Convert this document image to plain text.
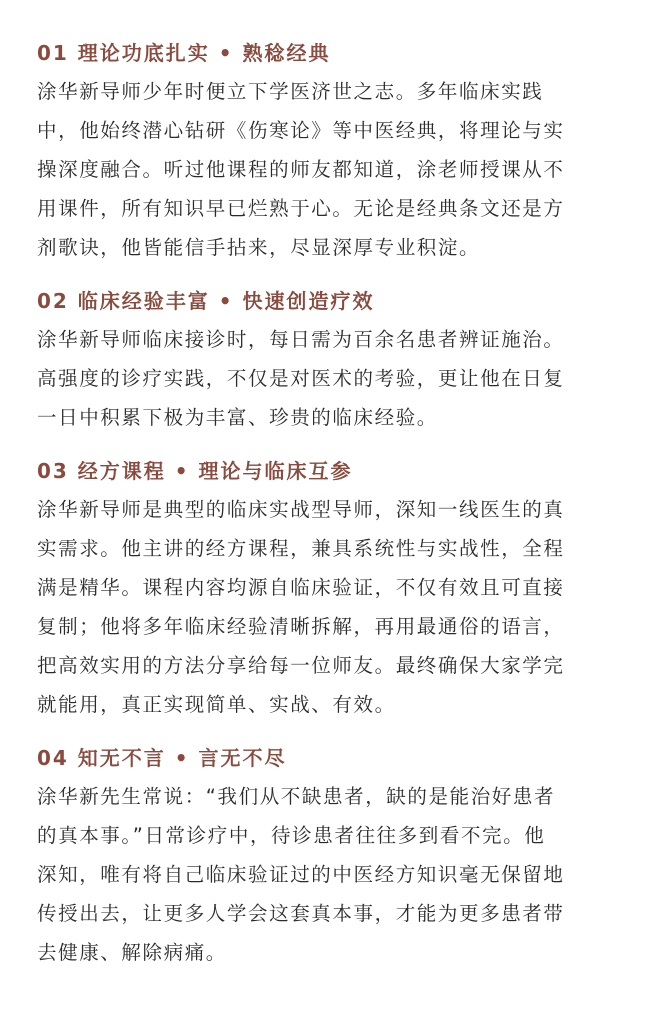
01 理论功底扎实 • 熟稔经典

涂华新导师少年时便立下学医济世之志。多年临床实践
中，他始终潜心钻研《伤寒论》等中医经典，将理论与实
操深度融合。听过他课程的师友都知道，涂老师授课从不
用课件，所有知识早已烂熟于心。无论是经典条文还是方
剂歌诀，他皆能信手拈来，尽显深厚专业积淀。

02 临床经验丰富 • 快速创造疗效

涂华新导师临床接诊时，每日需为百余名患者辨证施治。
高强度的诊疗实践，不仅是对医术的考验，更让他在日复
一日中积累下极为丰富、珍贵的临床经验。

03 经方课程 • 理论与临床互参

涂华新导师是典型的临床实战型导师，深知一线医生的真
实需求。他主讲的经方课程，兼具系统性与实战性，全程
满是精华。课程内容均源自临床验证，不仅有效且可直接
复制；他将多年临床经验清晰拆解，再用最通俗的语言，
把高效实用的方法分享给每一位师友。最终确保大家学完
就能用，真正实现简单、实战、有效。

04 知无不言 • 言无不尽

涂华新先生常说：“我们从不缺患者，缺的是能治好患者
的真本事。”日常诊疗中，待诊患者往往多到看不完。他
深知，唯有将自己临床验证过的中医经方知识毫无保留地
传授出去，让更多人学会这套真本事，才能为更多患者带
去健康、解除病痛。
